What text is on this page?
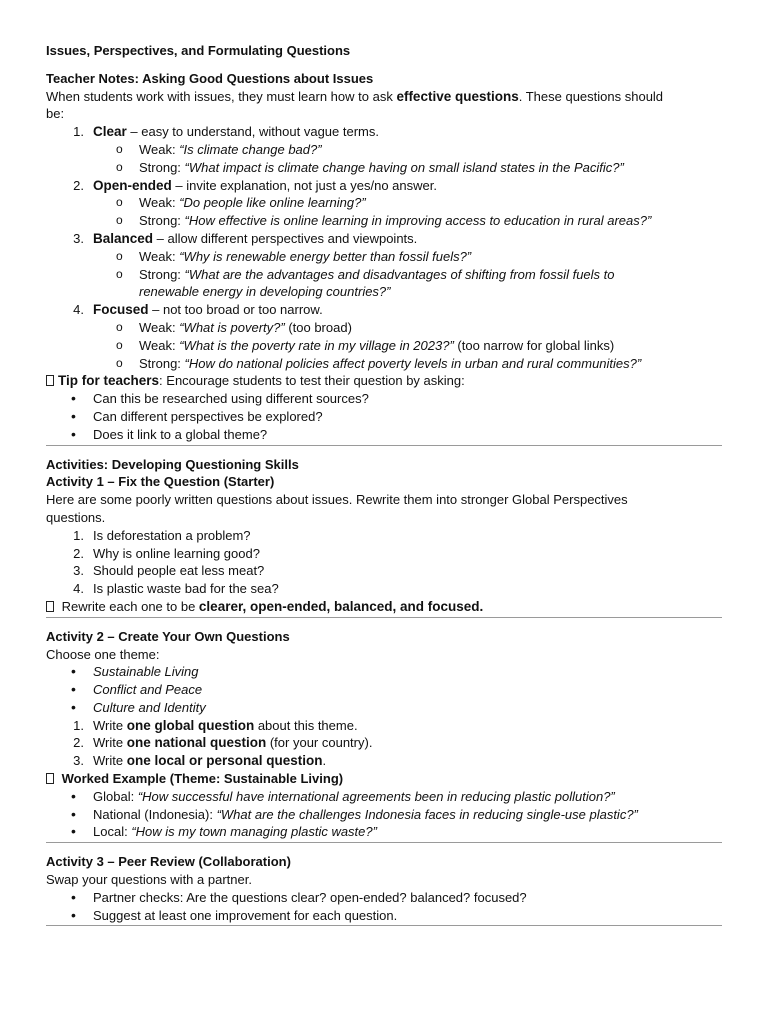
Issues, Perspectives, and Formulating Questions
Teacher Notes: Asking Good Questions about Issues
When students work with issues, they must learn how to ask effective questions. These questions should
be:
1. Clear – easy to understand, without vague terms.
o Weak: “Is climate change bad?”
o Strong: “What impact is climate change having on small island states in the Pacific?”
2. Open-ended – invite explanation, not just a yes/no answer.
o Weak: “Do people like online learning?”
o Strong: “How effective is online learning in improving access to education in rural areas?”
3. Balanced – allow different perspectives and viewpoints.
o Weak: “Why is renewable energy better than fossil fuels?”
o Strong: “What are the advantages and disadvantages of shifting from fossil fuels to
renewable energy in developing countries?”
4. Focused – not too broad or too narrow.
o Weak: “What is poverty?” (too broad)
o Weak: “What is the poverty rate in my village in 2023?” (too narrow for global links)
o Strong: “How do national policies affect poverty levels in urban and rural communities?”
Tip for teachers: Encourage students to test their question by asking:
• Can this be researched using different sources?
• Can different perspectives be explored?
• Does it link to a global theme?
Activities: Developing Questioning Skills
Activity 1 – Fix the Question (Starter)
Here are some poorly written questions about issues. Rewrite them into stronger Global Perspectives
questions.
1. Is deforestation a problem?
2. Why is online learning good?
3. Should people eat less meat?
4. Is plastic waste bad for the sea?
Rewrite each one to be clearer, open-ended, balanced, and focused.
Activity 2 – Create Your Own Questions
Choose one theme:
• Sustainable Living
• Conflict and Peace
• Culture and Identity
1. Write one global question about this theme.
2. Write one national question (for your country).
3. Write one local or personal question.
Worked Example (Theme: Sustainable Living)
• Global: “How successful have international agreements been in reducing plastic pollution?”
• National (Indonesia): “What are the challenges Indonesia faces in reducing single-use plastic?”
• Local: “How is my town managing plastic waste?”
Activity 3 – Peer Review (Collaboration)
Swap your questions with a partner.
• Partner checks: Are the questions clear? open-ended? balanced? focused?
• Suggest at least one improvement for each question.
